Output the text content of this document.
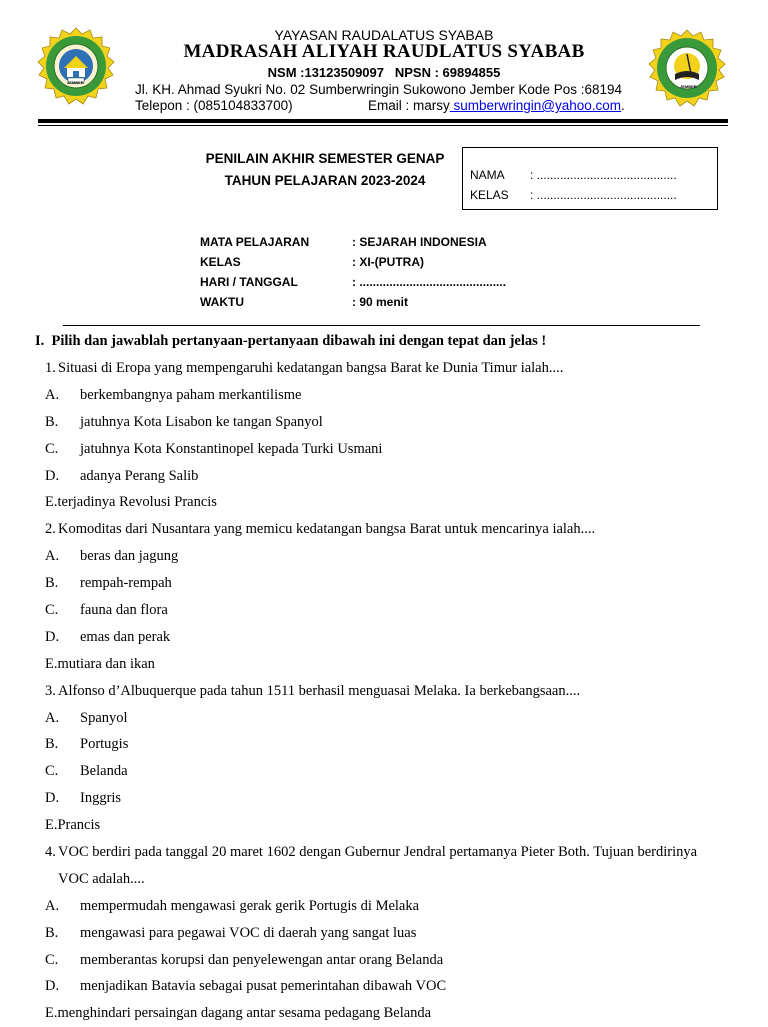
JEMBER
JEMBER
YAYASAN RAUDALATUS SYABAB
MADRASAH ALIYAH RAUDLATUS SYABAB
NSM :13123509097   NPSN : 69894855
Jl. KH. Ahmad Syukri No. 02 Sumberwringin Sukowono Jember Kode Pos :68194
Telepon : (085104833700)	Email : marsy sumberwringin@yahoo.com.
PENILAIN AKHIR SEMESTER GENAP
TAHUN PELAJARAN 2023-2024	NAMA : ..........................................
KELAS : ..........................................
MATA PELAJARAN	: SEJARAH INDONESIA
KELAS	: XI-(PUTRA)
HARI / TANGGAL	: ............................................
WAKTU	: 90 menit
I.  Pilih dan jawablah pertanyaan-pertanyaan dibawah ini dengan tepat dan jelas !
1. Situasi di Eropa yang mempengaruhi kedatangan bangsa Barat ke Dunia Timur ialah....
A. berkembangnya paham merkantilisme
B. jatuhnya Kota Lisabon ke tangan Spanyol
C. jatuhnya Kota Konstantinopel kepada Turki Usmani
D. adanya Perang Salib
E.terjadinya Revolusi Prancis
2. Komoditas dari Nusantara yang memicu kedatangan bangsa Barat untuk mencarinya ialah....
A. beras dan jagung
B. rempah-rempah
C. fauna dan flora
D. emas dan perak
E.mutiara dan ikan
3. Alfonso d’Albuquerque pada tahun 1511 berhasil menguasai Melaka. Ia berkebangsaan....
A. Spanyol
B. Portugis
C. Belanda
D. Inggris
E.Prancis
4. VOC berdiri pada tanggal 20 maret 1602 dengan Gubernur Jendral pertamanya Pieter Both. Tujuan berdirinya
VOC adalah....
A. mempermudah mengawasi gerak gerik Portugis di Melaka
B. mengawasi para pegawai VOC di daerah yang sangat luas
C. memberantas korupsi dan penyelewengan antar orang Belanda
D. menjadikan Batavia sebagai pusat pemerintahan dibawah VOC
E.menghindari persaingan dagang antar sesama pedagang Belanda
